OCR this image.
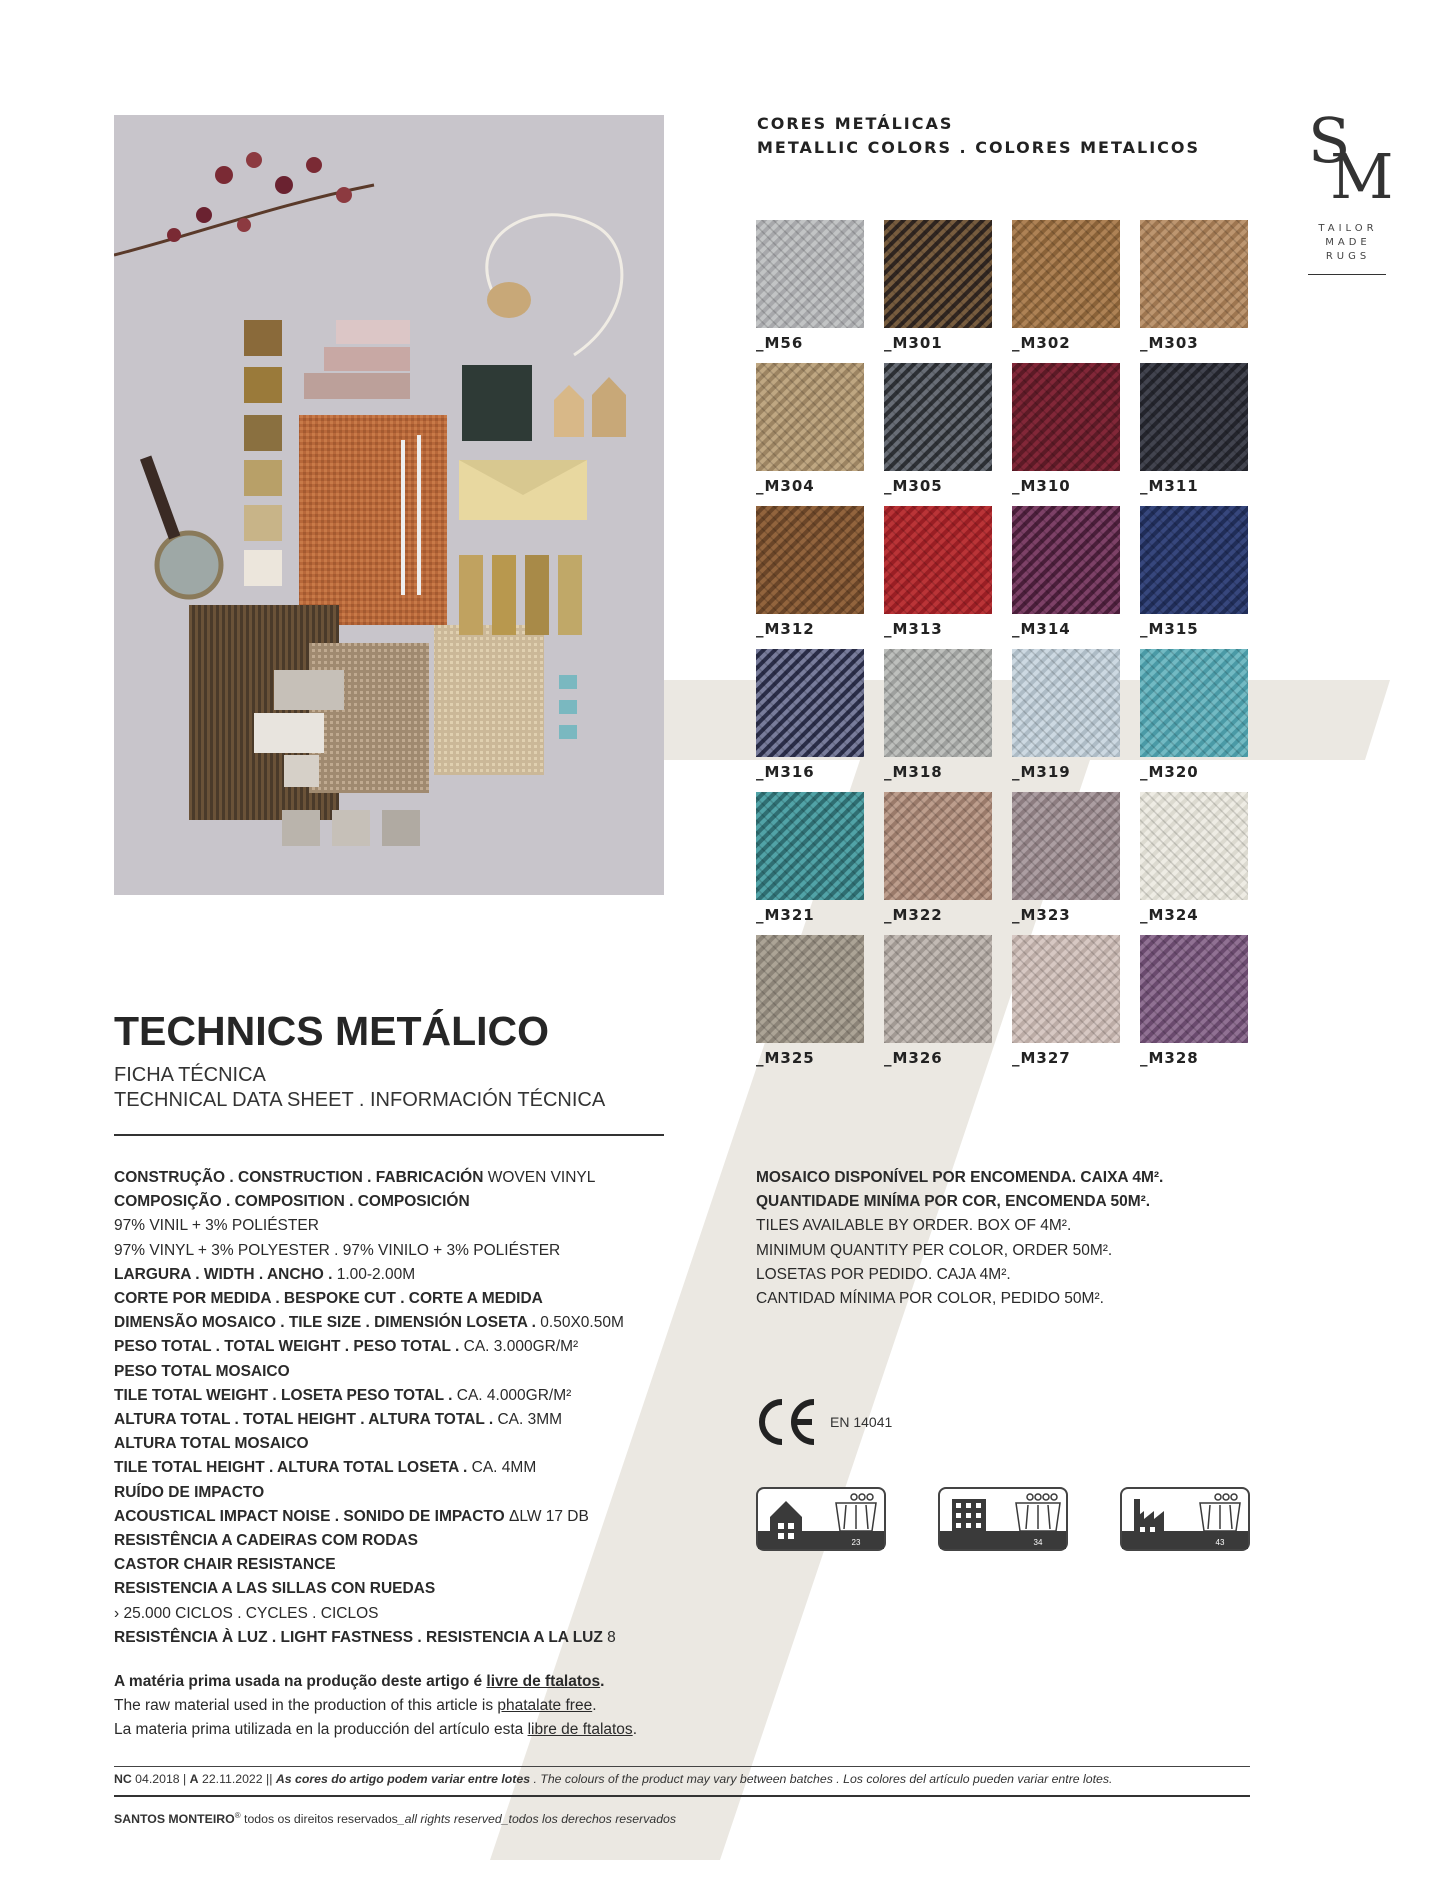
CORES METÁLICAS
METALLIC COLORS . COLORES METALICOS S
M
TAILOR
MADE
RUGS
_M56	_M301	_M302	_M303
_M304	_M305	_M310	_M311
_M312	_M313	_M314	_M315
_M316	_M318	_M319	_M320
_M321	_M322	_M323	_M324
_M325	_M326	_M327	_M328
TECHNICS METÁLICO
FICHA TÉCNICA
TECHNICAL DATA SHEET . INFORMACIÓN TÉCNICA
CONSTRUÇÃO . CONSTRUCTION . FABRICACIÓN WOVEN VINYL
COMPOSIÇÃO . COMPOSITION . COMPOSICIÓN
97% VINIL + 3% POLIÉSTER
97% VINYL + 3% POLYESTER . 97% VINILO + 3% POLIÉSTER
LARGURA . WIDTH . ANCHO . 1.00-2.00M
CORTE POR MEDIDA . BESPOKE CUT . CORTE A MEDIDA
DIMENSÃO MOSAICO . TILE SIZE . DIMENSIÓN LOSETA . 0.50X0.50M
PESO TOTAL . TOTAL WEIGHT . PESO TOTAL . CA. 3.000GR/M²
PESO TOTAL MOSAICO
TILE TOTAL WEIGHT . LOSETA PESO TOTAL . CA. 4.000GR/M²
ALTURA TOTAL . TOTAL HEIGHT . ALTURA TOTAL . CA. 3MM
ALTURA TOTAL MOSAICO
TILE TOTAL HEIGHT . ALTURA TOTAL LOSETA . CA. 4MM
RUÍDO DE IMPACTO
ACOUSTICAL IMPACT NOISE . SONIDO DE IMPACTO ΔLW 17 DB
RESISTÊNCIA A CADEIRAS COM RODAS
CASTOR CHAIR RESISTANCE
RESISTENCIA A LAS SILLAS CON RUEDAS
› 25.000 CICLOS . CYCLES . CICLOS
RESISTÊNCIA À LUZ . LIGHT FASTNESS . RESISTENCIA A LA LUZ 8
A matéria prima usada na produção deste artigo é livre de ftalatos.
The raw material used in the production of this article is phatalate free.
La materia prima utilizada en la producción del artículo esta libre de ftalatos.
MOSAICO DISPONÍVEL POR ENCOMENDA. CAIXA 4M².
QUANTIDADE MINÍMA POR COR, ENCOMENDA 50M².
TILES AVAILABLE BY ORDER. BOX OF 4M².
MINIMUM QUANTITY PER COLOR, ORDER 50M².
LOSETAS POR PEDIDO. CAJA 4M².
CANTIDAD MÍNIMA POR COLOR, PEDIDO 50M².
EN 14041
23	34	43
NC 04.2018 | A 22.11.2022 || As cores do artigo podem variar entre lotes . The colours of the product may vary between batches . Los colores del artículo pueden variar entre lotes.
SANTOS MONTEIRO® todos os direitos reservados_all rights reserved_todos los derechos reservados
